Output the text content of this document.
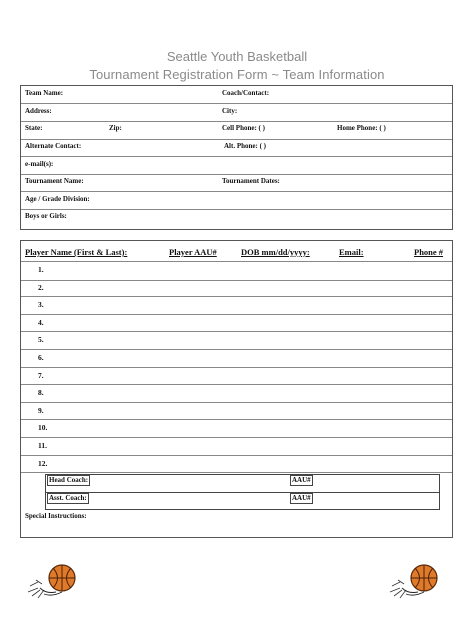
Seattle Youth Basketball
Tournament Registration Form ~ Team Information
Team Name:	Coach/Contact:
Address:	City:
State:	Zip:	Cell Phone: ( )	Home Phone: ( )
Alternate Contact:	Alt. Phone: ( )
e-mail(s):
Tournament Name:	Tournament Dates:
Age / Grade Division:
Boys or Girls:
Player Name (First & Last):	Player AAU#	DOB mm/dd/yyyy:	Email:	Phone #
1.
2.
3.
4.
5.
6.
7.
8.
9.
10.
11.
12.
Head Coach:	AAU#
Asst. Coach:	AAU#
Special Instructions:
